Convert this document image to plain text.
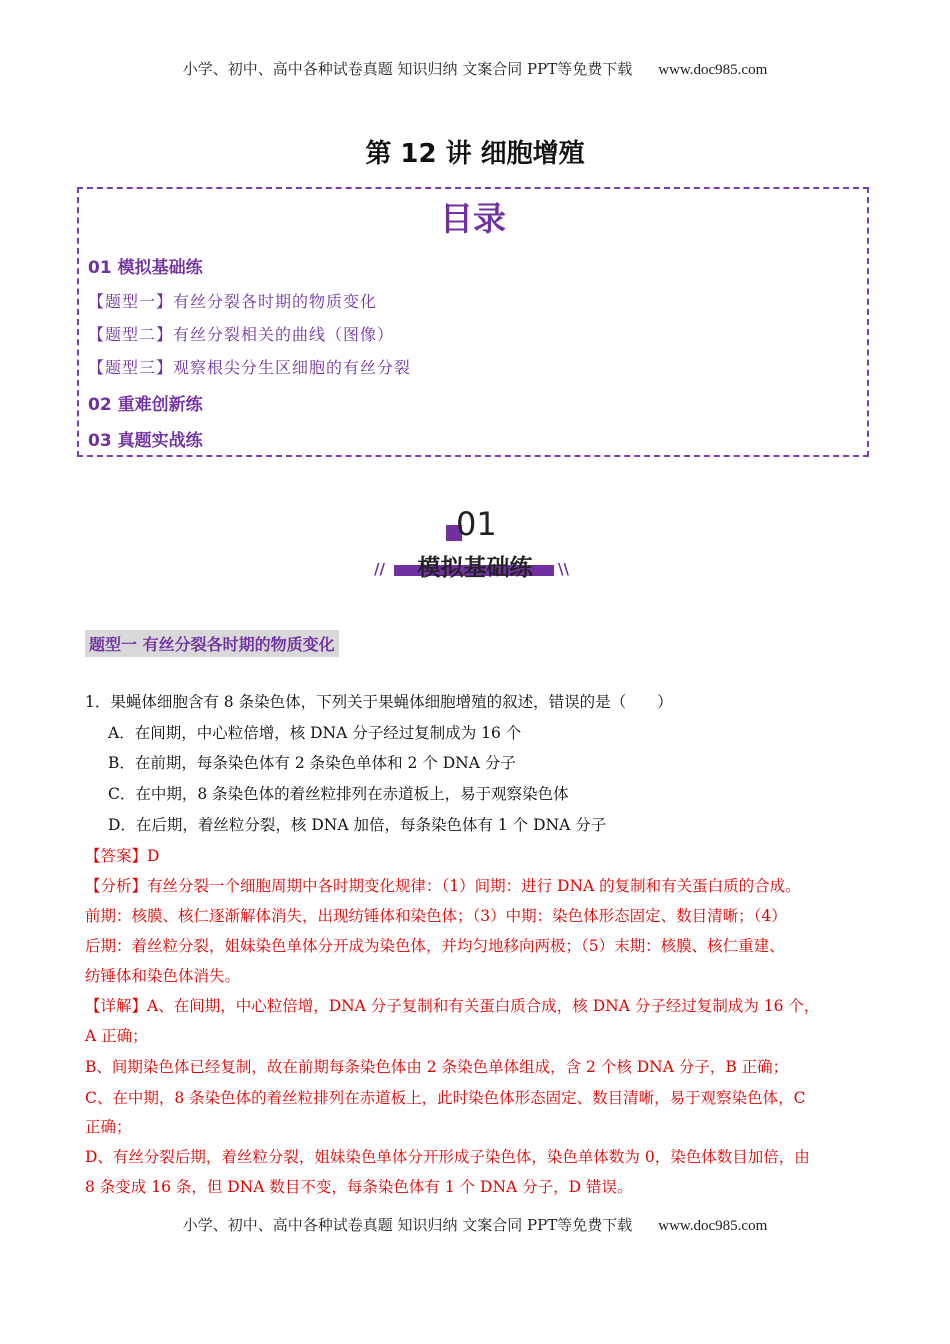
小学、初中、高中各种试卷真题 知识归纳 文案合同 PPT等免费下载 www.doc985.com
第 12 讲 细胞增殖
目录
01 模拟基础练
【题型一】有丝分裂各时期的物质变化
【题型二】有丝分裂相关的曲线（图像）
【题型三】观察根尖分生区细胞的有丝分裂
02 重难创新练
03 真题实战练
01
模拟基础练
//	\\
题型一 有丝分裂各时期的物质变化
1．果蝇体细胞含有 8 条染色体，下列关于果蝇体细胞增殖的叙述，错误的是（　　）
A．在间期，中心粒倍增，核 DNA 分子经过复制成为 16 个
B．在前期，每条染色体有 2 条染色单体和 2 个 DNA 分子
C．在中期，8 条染色体的着丝粒排列在赤道板上，易于观察染色体
D．在后期，着丝粒分裂，核 DNA 加倍，每条染色体有 1 个 DNA 分子
【答案】D
【分析】有丝分裂一个细胞周期中各时期变化规律：（1）间期：进行 DNA 的复制和有关蛋白质的合成。
前期：核膜、核仁逐渐解体消失，出现纺锤体和染色体；（3）中期：染色体形态固定、数目清晰；（4）
后期：着丝粒分裂，姐妹染色单体分开成为染色体，并均匀地移向两极；（5）末期：核膜、核仁重建、
纺锤体和染色体消失。
【详解】A、在间期，中心粒倍增，DNA 分子复制和有关蛋白质合成，核 DNA 分子经过复制成为 16 个，
A 正确；
B、间期染色体已经复制，故在前期每条染色体由 2 条染色单体组成，含 2 个核 DNA 分子，B 正确；
C、在中期，8 条染色体的着丝粒排列在赤道板上，此时染色体形态固定、数目清晰，易于观察染色体，C
正确；
D、有丝分裂后期，着丝粒分裂，姐妹染色单体分开形成子染色体，染色单体数为 0，染色体数目加倍，由
8 条变成 16 条，但 DNA 数目不变，每条染色体有 1 个 DNA 分子，D 错误。
小学、初中、高中各种试卷真题 知识归纳 文案合同 PPT等免费下载 www.doc985.com
